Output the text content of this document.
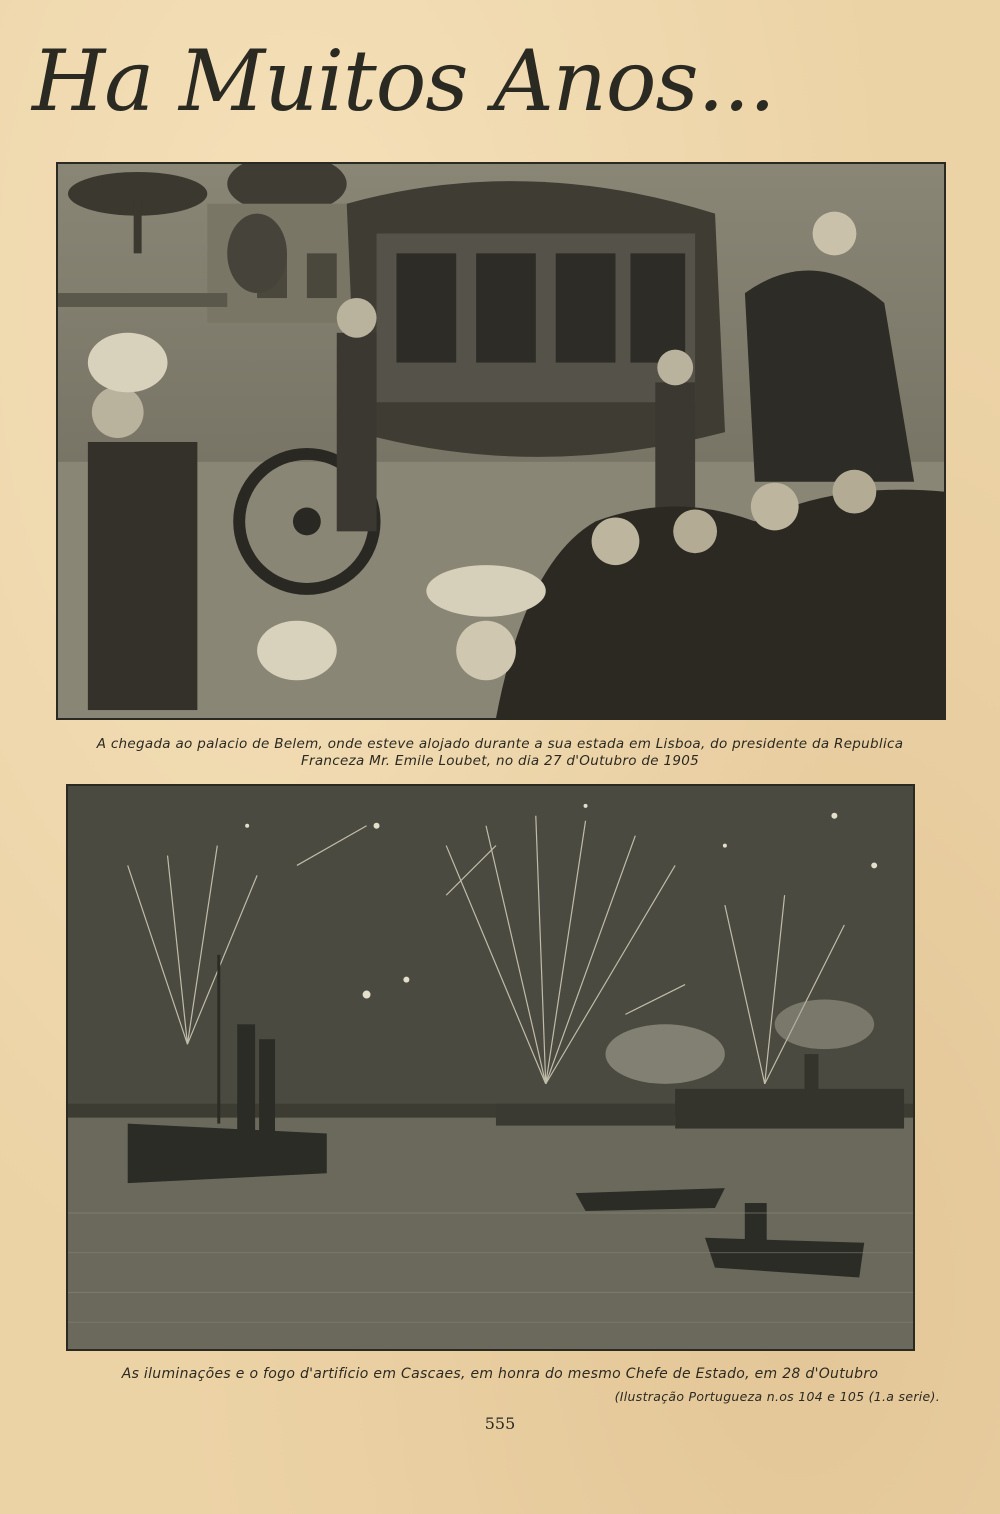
Ha Muitos Anos...
A chegada ao palacio de Belem, onde esteve alojado durante a sua estada em Lisboa, do presidente da Republica
Franceza Mr. Emile Loubet, no dia 27 d'Outubro de 1905
As iluminações e o fogo d'artificio em Cascaes, em honra do mesmo Chefe de Estado, em 28 d'Outubro
(Ilustração Portugueza n.os 104 e 105 (1.a serie).
555
